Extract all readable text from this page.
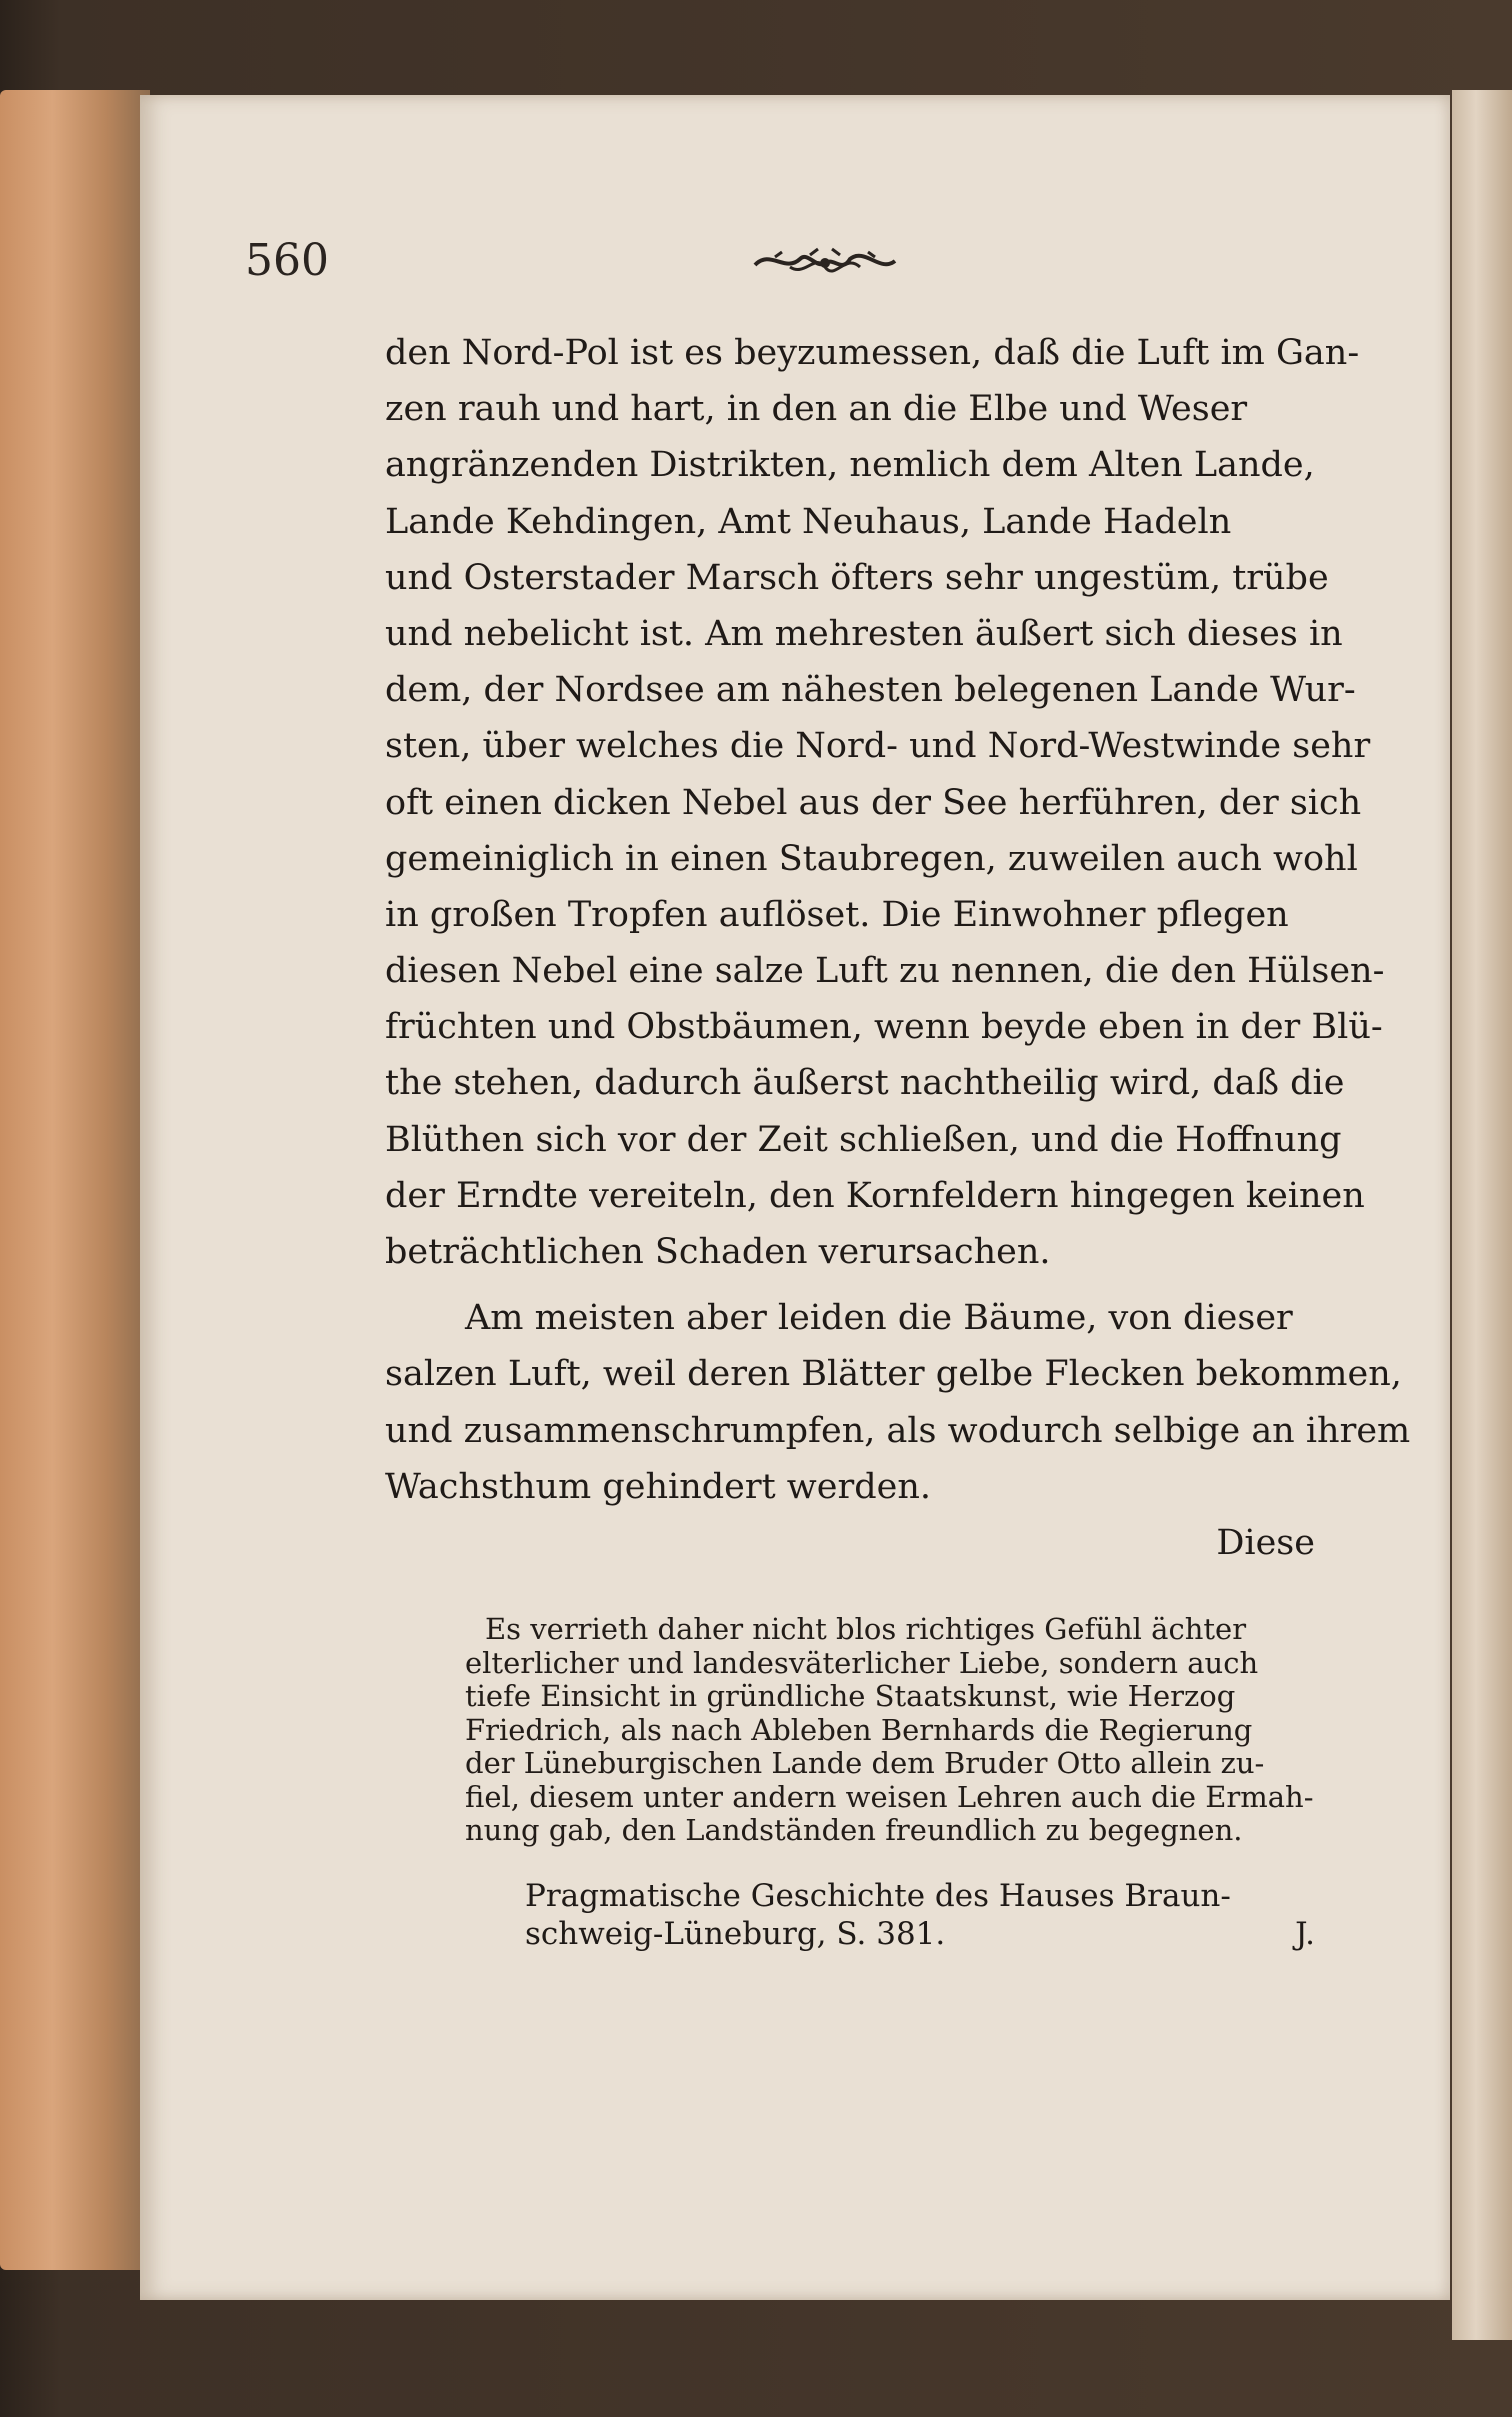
560
den Nord-Pol ist es beyzumessen, daß die Luft im Gan-
zen rauh und hart, in den an die Elbe und Weser
angränzenden Distrikten, nemlich dem Alten Lande,
Lande Kehdingen, Amt Neuhaus, Lande Hadeln
und Osterstader Marsch öfters sehr ungestüm, trübe
und nebelicht ist. Am mehresten äußert sich dieses in
dem, der Nordsee am nähesten belegenen Lande Wur-
sten, über welches die Nord- und Nord-Westwinde sehr
oft einen dicken Nebel aus der See herführen, der sich
gemeiniglich in einen Staubregen, zuweilen auch wohl
in großen Tropfen auflöset. Die Einwohner pflegen
diesen Nebel eine salze Luft zu nennen, die den Hülsen-
früchten und Obstbäumen, wenn beyde eben in der Blü-
the stehen, dadurch äußerst nachtheilig wird, daß die
Blüthen sich vor der Zeit schließen, und die Hoffnung
der Erndte vereiteln, den Kornfeldern hingegen keinen
beträchtlichen Schaden verursachen.
Am meisten aber leiden die Bäume, von dieser
salzen Luft, weil deren Blätter gelbe Flecken bekommen,
und zusammenschrumpfen, als wodurch selbige an ihrem
Wachsthum gehindert werden.
Diese
Es verrieth daher nicht blos richtiges Gefühl ächter
elterlicher und landesväterlicher Liebe, sondern auch
tiefe Einsicht in gründliche Staatskunst, wie Herzog
Friedrich, als nach Ableben Bernhards die Regierung
der Lüneburgischen Lande dem Bruder Otto allein zu-
fiel, diesem unter andern weisen Lehren auch die Ermah-
nung gab, den Landständen freundlich zu begegnen.
Pragmatische Geschichte des Hauses Braun-
schweig-Lüneburg, S. 381.	J.
